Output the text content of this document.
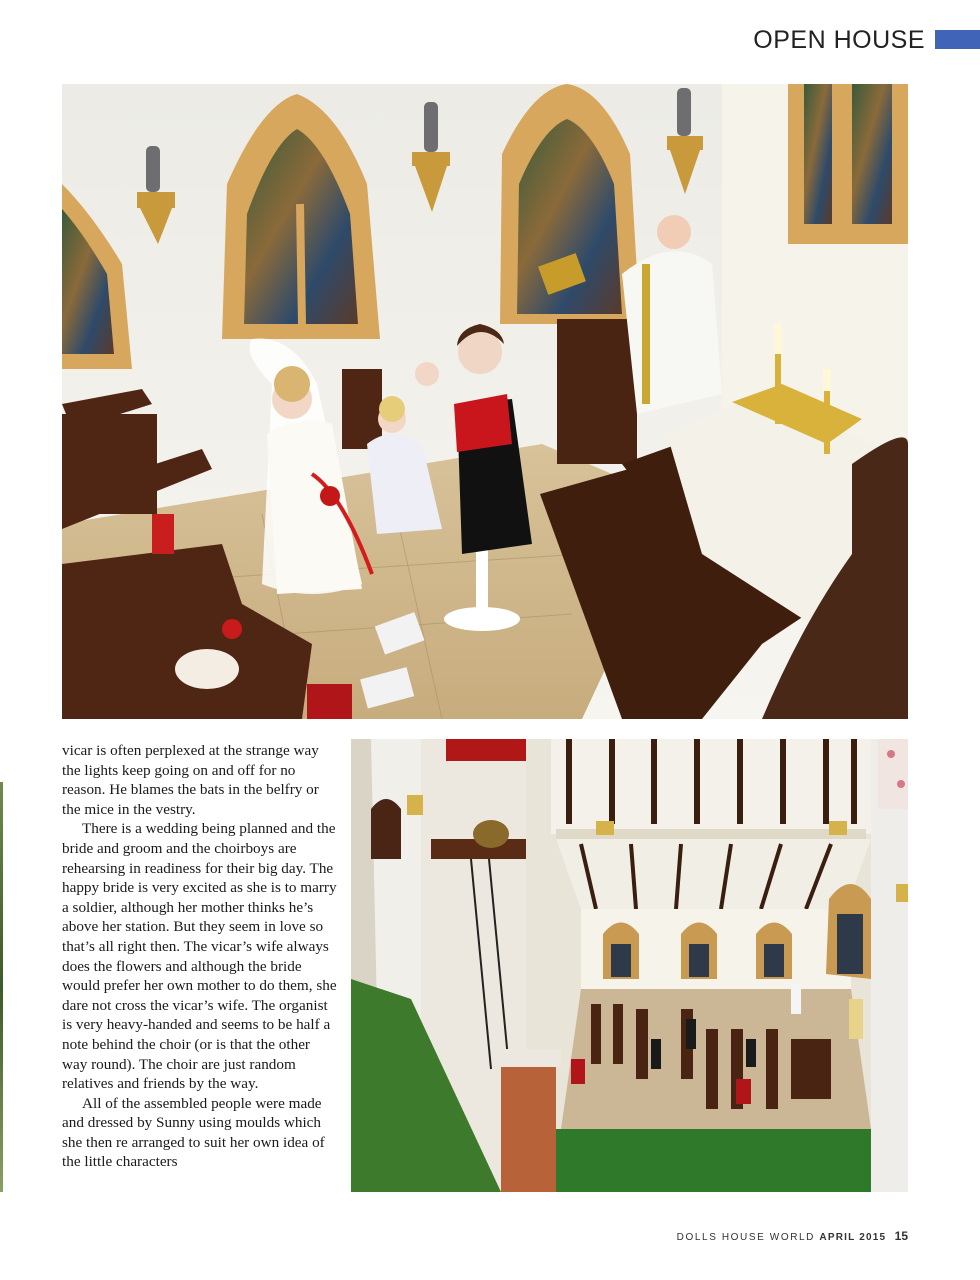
OPEN HOUSE

vicar is often perplexed at the strange way the lights keep going on and off for no reason. He blames the bats in the belfry or the mice in the vestry.

There is a wedding being planned and the bride and groom and the choirboys are rehearsing in readiness for their big day. The happy bride is very excited as she is to marry a soldier, although her mother thinks he’s above her station. But they seem in love so that’s all right then. The vicar’s wife always does the flowers and although the bride would prefer her own mother to do them, she dare not cross the vicar’s wife. The organist is very heavy-handed and seems to be half a note behind the choir (or is that the other way round). The choir are just random relatives and friends by the way.

All of the assembled people were made and dressed by Sunny using moulds which she then re arranged to suit her own idea of the little characters

DOLLS HOUSE WORLD APRIL 2015 15
